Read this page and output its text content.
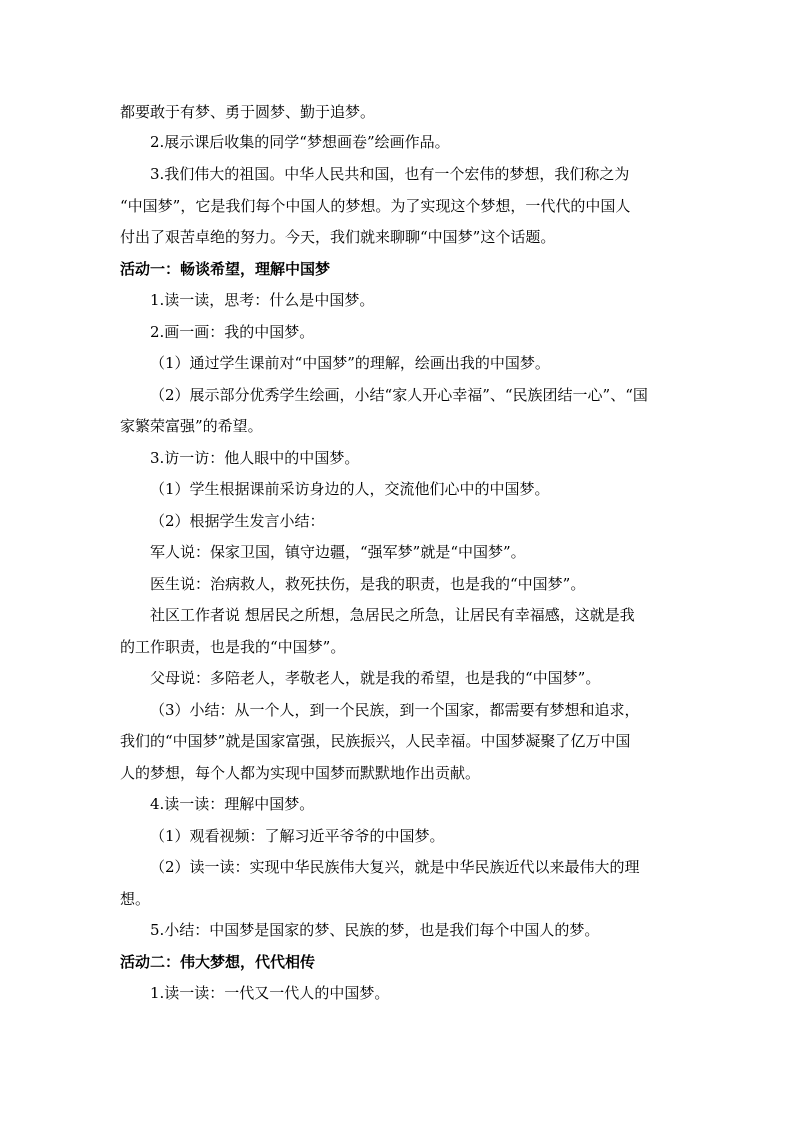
都要敢于有梦、勇于圆梦、勤于追梦。

2.展示课后收集的同学“梦想画卷”绘画作品。

3.我们伟大的祖国。中华人民共和国，也有一个宏伟的梦想，我们称之为

“中国梦”，它是我们每个中国人的梦想。为了实现这个梦想，一代代的中国人

付出了艰苦卓绝的努力。今天，我们就来聊聊“中国梦”这个话题。

活动一：畅谈希望，理解中国梦

1.读一读，思考：什么是中国梦。

2.画一画：我的中国梦。

（1）通过学生课前对“中国梦”的理解，绘画出我的中国梦。

（2）展示部分优秀学生绘画，小结“家人开心幸福”、“民族团结一心”、“国

家繁荣富强”的希望。

3.访一访：他人眼中的中国梦。

（1）学生根据课前采访身边的人，交流他们心中的中国梦。

（2）根据学生发言小结：

军人说：保家卫国，镇守边疆，“强军梦”就是“中国梦”。

医生说：治病救人，救死扶伤，是我的职责，也是我的“中国梦”。

社区工作者说 想居民之所想，急居民之所急，让居民有幸福感，这就是我

的工作职责，也是我的“中国梦”。

父母说：多陪老人，孝敬老人，就是我的希望，也是我的“中国梦”。

（3）小结：从一个人，到一个民族，到一个国家，都需要有梦想和追求，

我们的“中国梦”就是国家富强，民族振兴，人民幸福。中国梦凝聚了亿万中国

人的梦想，每个人都为实现中国梦而默默地作出贡献。

4.读一读：理解中国梦。

（1）观看视频：了解习近平爷爷的中国梦。

（2）读一读：实现中华民族伟大复兴，就是中华民族近代以来最伟大的理

想。

5.小结：中国梦是国家的梦、民族的梦，也是我们每个中国人的梦。

活动二：伟大梦想，代代相传

1.读一读：一代又一代人的中国梦。
